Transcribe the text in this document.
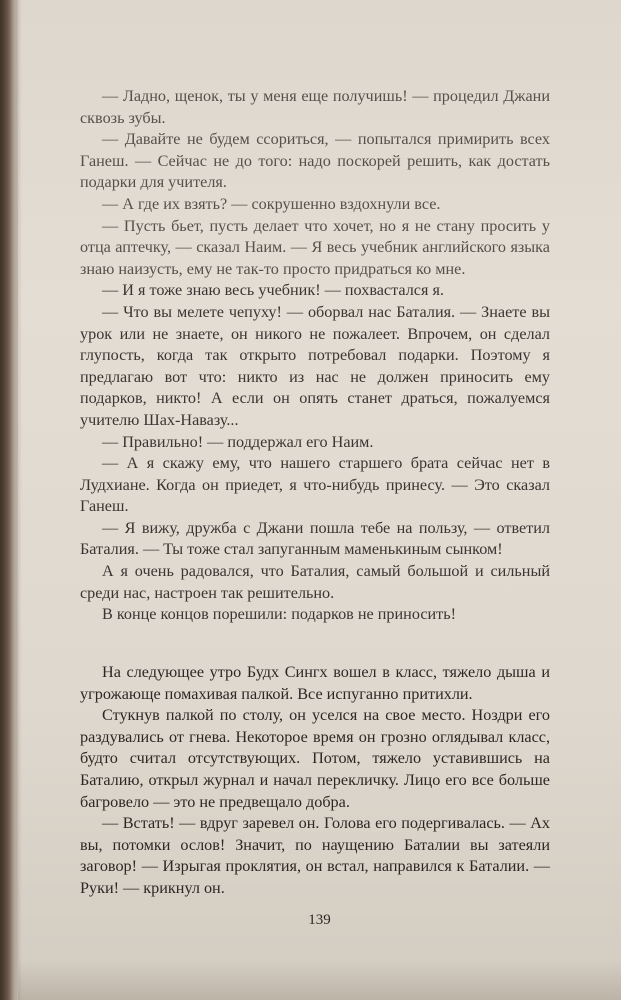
— Ладно, щенок, ты у меня еще получишь! — процедил Джани сквозь зубы.

— Давайте не будем ссориться, — попытался примирить всех Ганеш. — Сейчас не до того: надо поскорей решить, как достать подарки для учителя.

— А где их взять? — сокрушенно вздохнули все.

— Пусть бьет, пусть делает что хочет, но я не стану просить у отца аптечку, — сказал Наим. — Я весь учебник английского языка знаю наизусть, ему не так-то просто придраться ко мне.

— И я тоже знаю весь учебник! — похвастался я.

— Что вы мелете чепуху! — оборвал нас Баталия. — Знаете вы урок или не знаете, он никого не пожалеет. Впрочем, он сделал глупость, когда так открыто потребовал подарки. Поэтому я предлагаю вот что: никто из нас не должен приносить ему подарков, никто! А если он опять станет драться, пожалуемся учителю Шах-Навазу...

— Правильно! — поддержал его Наим.

— А я скажу ему, что нашего старшего брата сейчас нет в Лудхиане. Когда он приедет, я что-нибудь принесу. — Это сказал Ганеш.

— Я вижу, дружба с Джани пошла тебе на пользу, — ответил Баталия. — Ты тоже стал запуганным маменькиным сынком!

А я очень радовался, что Баталия, самый большой и сильный среди нас, настроен так решительно.

В конце концов порешили: подарков не приносить!

На следующее утро Будх Сингх вошел в класс, тяжело дыша и угрожающе помахивая палкой. Все испуганно притихли.

Стукнув палкой по столу, он уселся на свое место. Ноздри его раздувались от гнева. Некоторое время он грозно оглядывал класс, будто считал отсутствующих. Потом, тяжело уставившись на Баталию, открыл журнал и начал перекличку. Лицо его все больше багровело — это не предвещало добра.

— Встать! — вдруг заревел он. Голова его подергивалась. — Ах вы, потомки ослов! Значит, по наущению Баталии вы затеяли заговор! — Изрыгая проклятия, он встал, направился к Баталии. — Руки! — крикнул он.

139
